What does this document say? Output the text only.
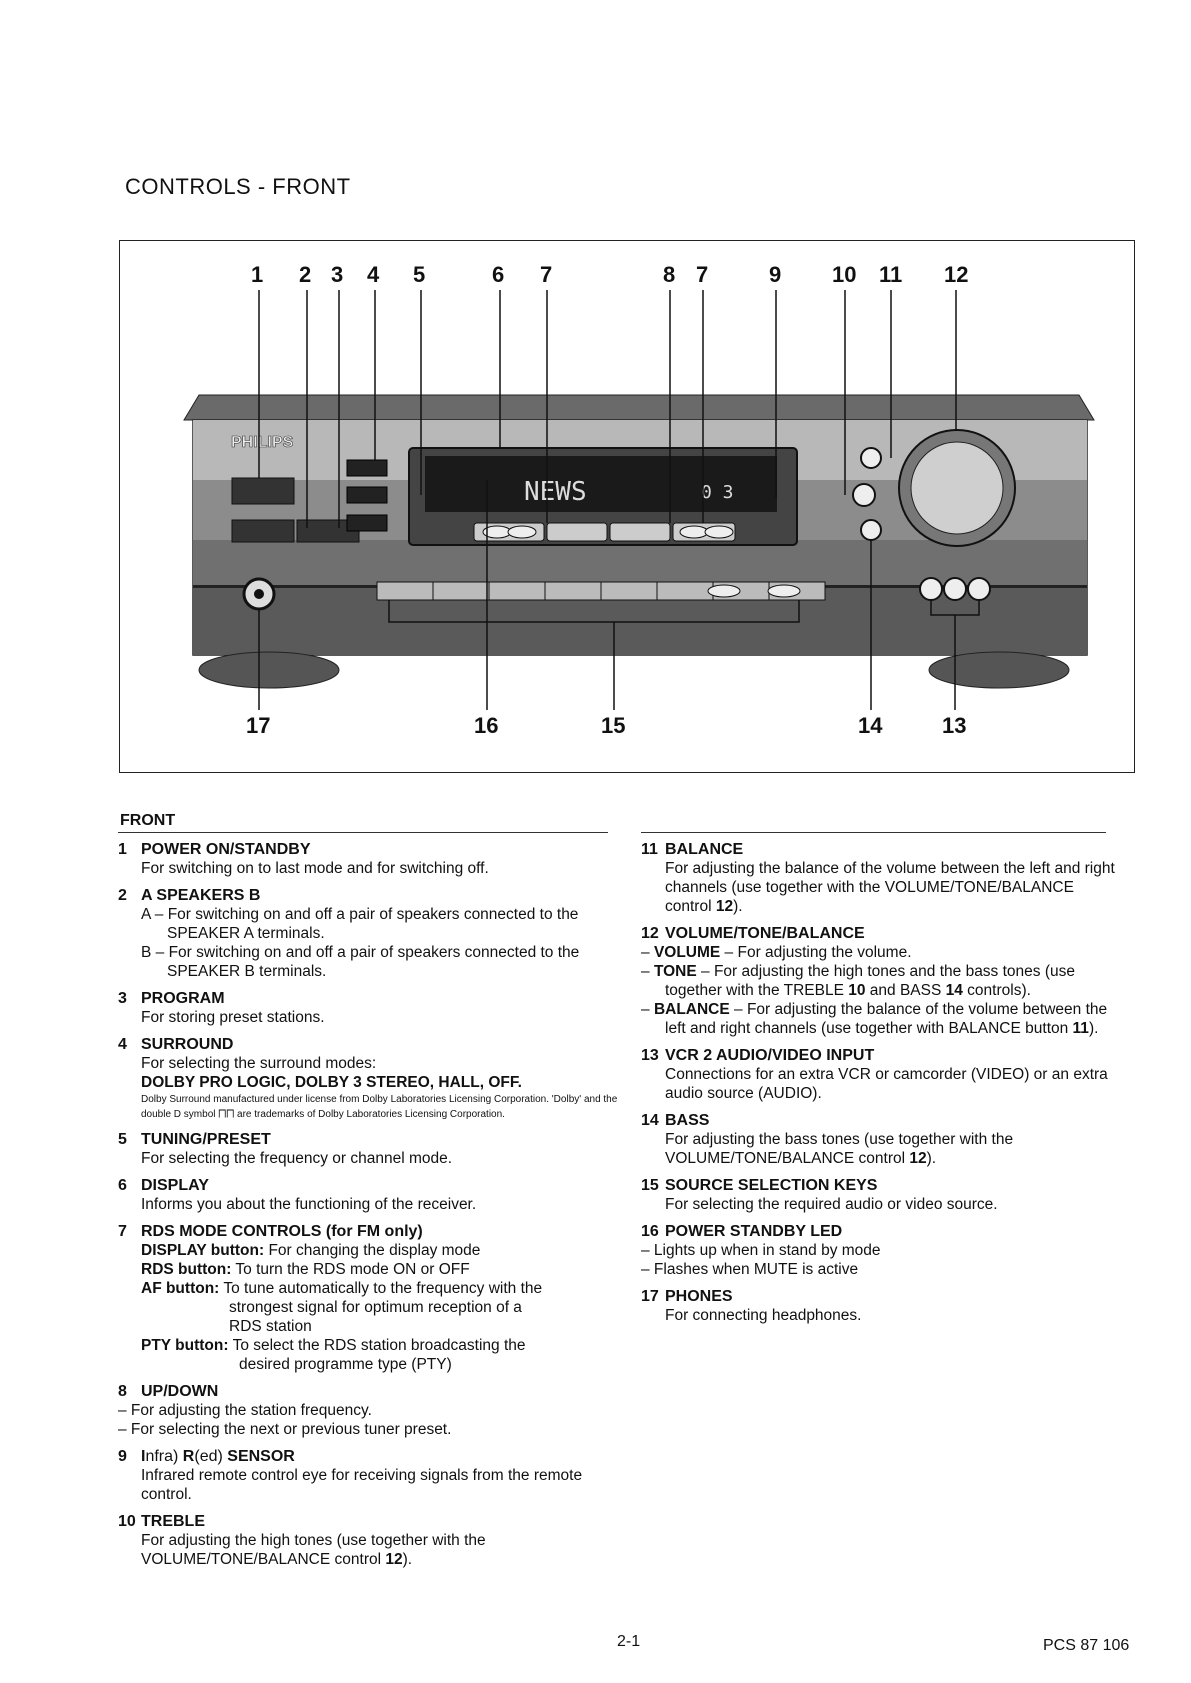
CONTROLS - FRONT
PHILIPS
NEWS	0 3
1 2 3 4 5	6 7	8 7	9 10 11 12
17	16	15	14	13
FRONT
1 POWER ON/STANDBY
For switching on to last mode and for switching off.
2 A SPEAKERS B
A – For switching on and off a pair of speakers connected to the SPEAKER A terminals.
B – For switching on and off a pair of speakers connected to the SPEAKER B terminals.
3 PROGRAM
For storing preset stations.
4 SURROUND
For selecting the surround modes:
DOLBY PRO LOGIC, DOLBY 3 STEREO, HALL, OFF.
Dolby Surround manufactured under license from Dolby Laboratories Licensing Corporation. 'Dolby' and the double D symbol ⨅⨅ are trademarks of Dolby Laboratories Licensing Corporation.
5 TUNING/PRESET
For selecting the frequency or channel mode.
6 DISPLAY
Informs you about the functioning of the receiver.
7 RDS MODE CONTROLS (for FM only)
DISPLAY button: For changing the display mode
RDS button: To turn the RDS mode ON or OFF
AF button: To tune automatically to the frequency with the
strongest signal for optimum reception of a
RDS station
PTY button: To select the RDS station broadcasting the
desired programme type (PTY)
8 UP/DOWN
– For adjusting the station frequency.
– For selecting the next or previous tuner preset.
9 Infra) R(ed) SENSOR
Infrared remote control eye for receiving signals from the remote control.
10 TREBLE
For adjusting the high tones (use together with the VOLUME/TONE/BALANCE control 12).
11 BALANCE
For adjusting the balance of the volume between the left and right channels (use together with the VOLUME/TONE/BALANCE control 12).
12 VOLUME/TONE/BALANCE
– VOLUME – For adjusting the volume.
– TONE – For adjusting the high tones and the bass tones (use together with the TREBLE 10 and BASS 14 controls).
– BALANCE – For adjusting the balance of the volume between the left and right channels (use together with BALANCE button 11).
13 VCR 2 AUDIO/VIDEO INPUT
Connections for an extra VCR or camcorder (VIDEO) or an extra audio source (AUDIO).
14 BASS
For adjusting the bass tones (use together with the VOLUME/TONE/BALANCE control 12).
15 SOURCE SELECTION KEYS
For selecting the required audio or video source.
16 POWER STANDBY LED
– Lights up when in stand by mode
– Flashes when MUTE is active
17 PHONES
For connecting headphones.
2-1	PCS 87 106
